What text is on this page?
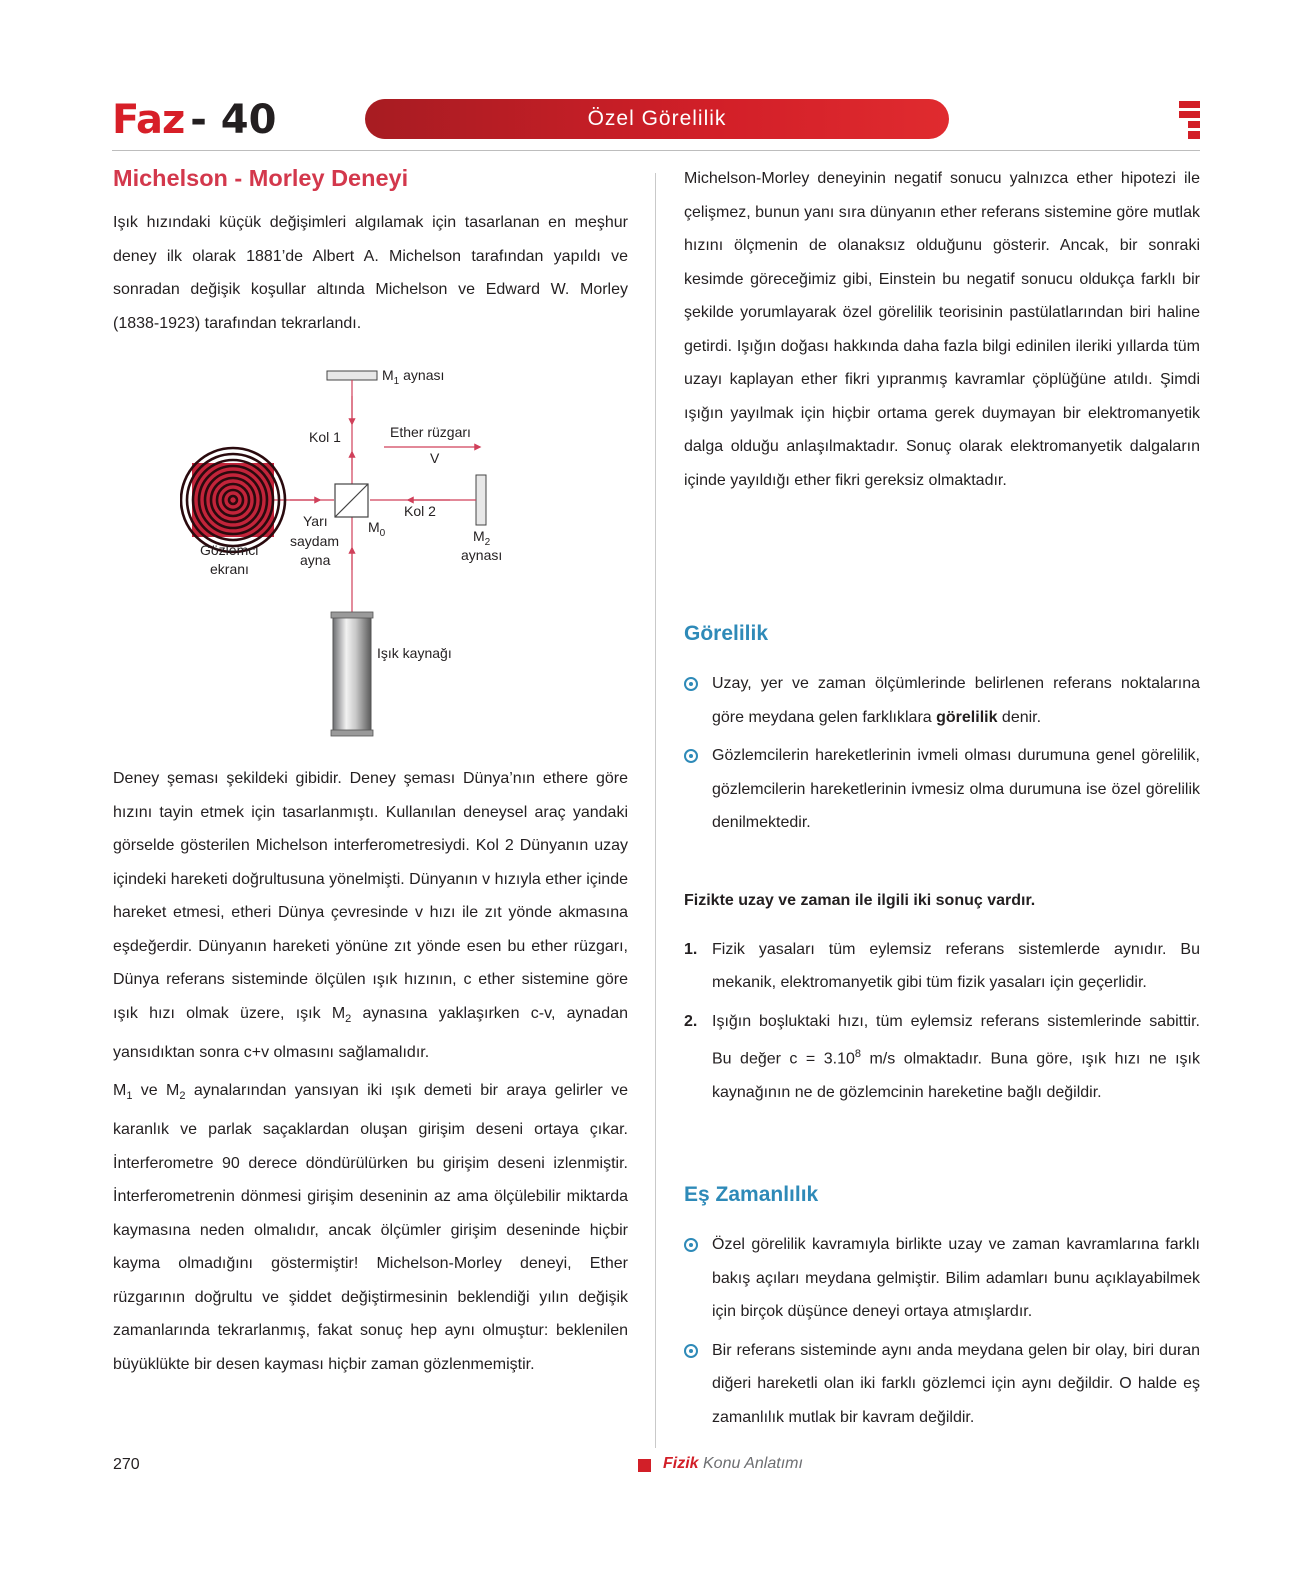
Faz - 40	Özel Görelilik
Michelson - Morley Deneyi

Işık hızındaki küçük değişimleri algılamak için tasarlanan en meşhur deney ilk olarak 1881’de Albert A. Michelson tarafından yapıldı ve sonradan değişik koşullar altında Michelson ve Edward W. Morley (1838-1923) tarafından tekrarlandı.

$M_1$ aynası
Kol 1	Ether rüzgarı
V
Kol 2
Yarı
saydam
ayna
$M_0$	$M_2$
aynası
Gözlemci
ekranı
Işık kaynağı

Deney şeması şekildeki gibidir. Deney şeması Dünya’nın ethere göre hızını tayin etmek için tasarlanmıştı. Kullanılan deneysel araç yandaki görselde gösterilen Michelson interferometresiydi. Kol 2 Dünyanın uzay içindeki hareketi doğrultusuna yönelmişti. Dünyanın v hızıyla ether içinde hareket etmesi, etheri Dünya çevresinde v hızı ile zıt yönde akmasına eşdeğerdir. Dünyanın hareketi yönüne zıt yönde esen bu ether rüzgarı, Dünya referans sisteminde ölçülen ışık hızının, c ether sistemine göre ışık hızı olmak üzere, ışık $M_2$ aynasına yaklaşırken c-v, aynadan yansıdıktan sonra c+v olmasını sağlamalıdır.

$M_1$ ve $M_2$ aynalarından yansıyan iki ışık demeti bir araya gelirler ve karanlık ve parlak saçaklardan oluşan girişim deseni ortaya çıkar. İnterferometre 90 derece döndürülürken bu girişim deseni izlenmiştir. İnterferometrenin dönmesi girişim deseninin az ama ölçülebilir miktarda kaymasına neden olmalıdır, ancak ölçümler girişim deseninde hiçbir kayma olmadığını göstermiştir! Michelson-Morley deneyi, Ether rüzgarının doğrultu ve şiddet değiştirmesinin beklendiği yılın değişik zamanlarında tekrarlanmış, fakat sonuç hep aynı olmuştur: beklenilen büyüklükte bir desen kayması hiçbir zaman gözlenmemiştir.

Michelson-Morley deneyinin negatif sonucu yalnızca ether hipotezi ile çelişmez, bunun yanı sıra dünyanın ether referans sistemine göre mutlak hızını ölçmenin de olanaksız olduğunu gösterir. Ancak, bir sonraki kesimde göreceğimiz gibi, Einstein bu negatif sonucu oldukça farklı bir şekilde yorumlayarak özel görelilik teorisinin pastülatlarından biri haline getirdi. Işığın doğası hakkında daha fazla bilgi edinilen ileriki yıllarda tüm uzayı kaplayan ether fikri yıpranmış kavramlar çöplüğüne atıldı. Şimdi ışığın yayılmak için hiçbir ortama gerek duymayan bir elektromanyetik dalga olduğu anlaşılmaktadır. Sonuç olarak elektromanyetik dalgaların içinde yayıldığı ether fikri gereksiz olmaktadır.

Görelilik

Uzay, yer ve zaman ölçümlerinde belirlenen referans noktalarına göre meydana gelen farklıklara görelilik denir.

Gözlemcilerin hareketlerinin ivmeli olması durumuna genel görelilik, gözlemcilerin hareketlerinin ivmesiz olma durumuna ise özel görelilik denilmektedir.

Fizikte uzay ve zaman ile ilgili iki sonuç vardır.

1. Fizik yasaları tüm eylemsiz referans sistemlerde aynıdır. Bu mekanik, elektromanyetik gibi tüm fizik yasaları için geçerlidir.

2. Işığın boşluktaki hızı, tüm eylemsiz referans sistemlerinde sabittir. Bu değer $c = 3.10^8$ m/s olmaktadır. Buna göre, ışık hızı ne ışık kaynağının ne de gözlemcinin hareketine bağlı değildir.

Eş Zamanlılık

Özel görelilik kavramıyla birlikte uzay ve zaman kavramlarına farklı bakış açıları meydana gelmiştir. Bilim adamları bunu açıklayabilmek için birçok düşünce deneyi ortaya atmışlardır.

Bir referans sisteminde aynı anda meydana gelen bir olay, biri duran diğeri hareketli olan iki farklı gözlemci için aynı değildir. O halde eş zamanlılık mutlak bir kavram değildir.

270	Fizik Konu Anlatımı
